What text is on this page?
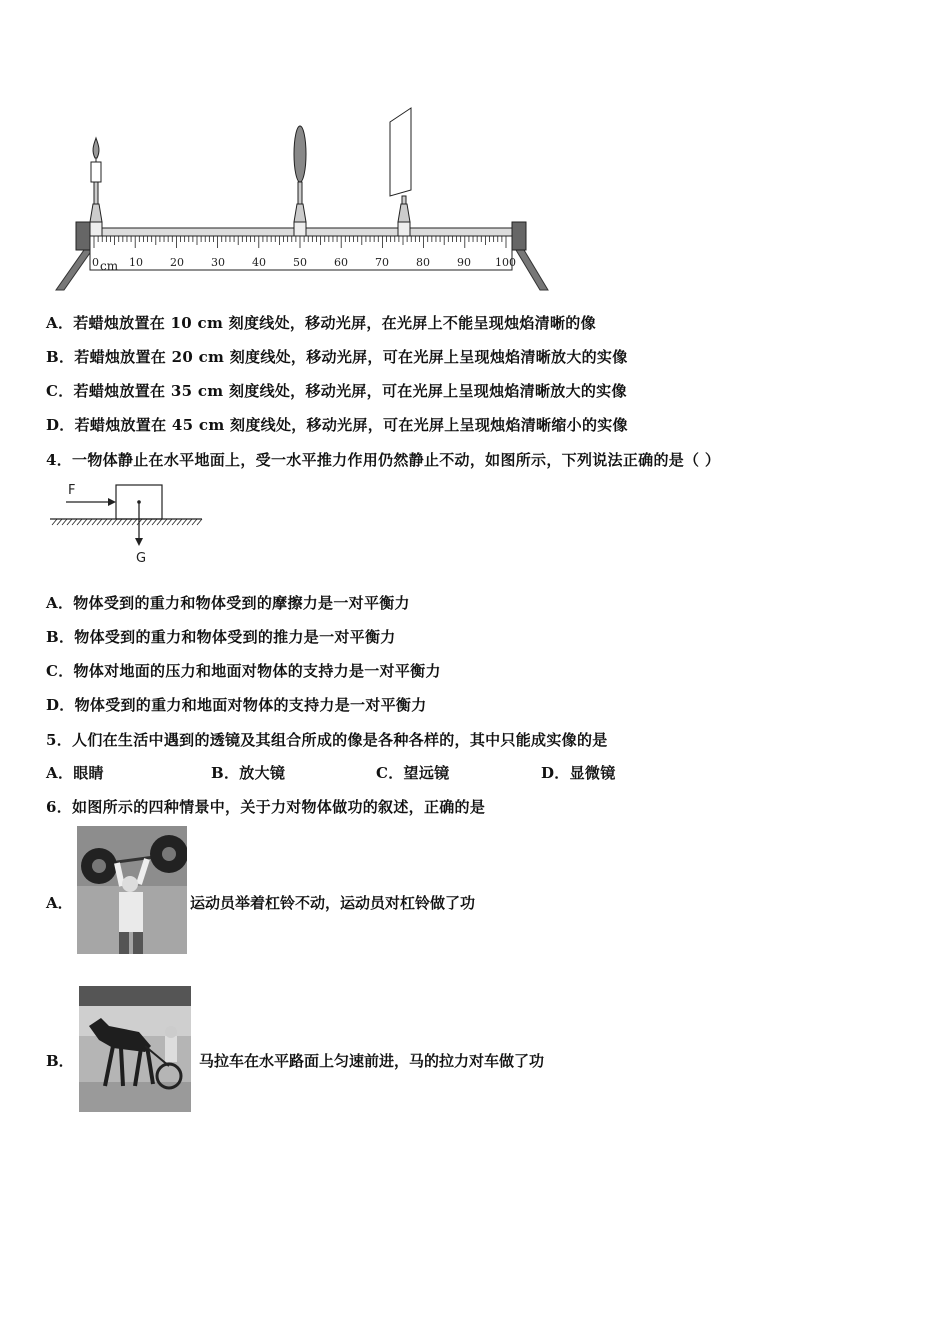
0 cm 10 20 30 40 50 60 70 80 90 100
A．若蜡烛放置在 10 cm 刻度线处，移动光屏，在光屏上不能呈现烛焰清晰的像
B．若蜡烛放置在 20 cm 刻度线处，移动光屏，可在光屏上呈现烛焰清晰放大的实像
C．若蜡烛放置在 35 cm 刻度线处，移动光屏，可在光屏上呈现烛焰清晰放大的实像
D．若蜡烛放置在 45 cm 刻度线处，移动光屏，可在光屏上呈现烛焰清晰缩小的实像
4．一物体静止在水平地面上，受一水平推力作用仍然静止不动，如图所示，下列说法正确的是（ ）
F
G
A．物体受到的重力和物体受到的摩擦力是一对平衡力
B．物体受到的重力和物体受到的推力是一对平衡力
C．物体对地面的压力和地面对物体的支持力是一对平衡力
D．物体受到的重力和地面对物体的支持力是一对平衡力
5．人们在生活中遇到的透镜及其组合所成的像是各种各样的，其中只能成实像的是
A．眼睛	B．放大镜	C．望远镜	D．显微镜
6．如图所示的四种情景中，关于力对物体做功的叙述，正确的是
A．	运动员举着杠铃不动，运动员对杠铃做了功
B．	马拉车在水平路面上匀速前进，马的拉力对车做了功
